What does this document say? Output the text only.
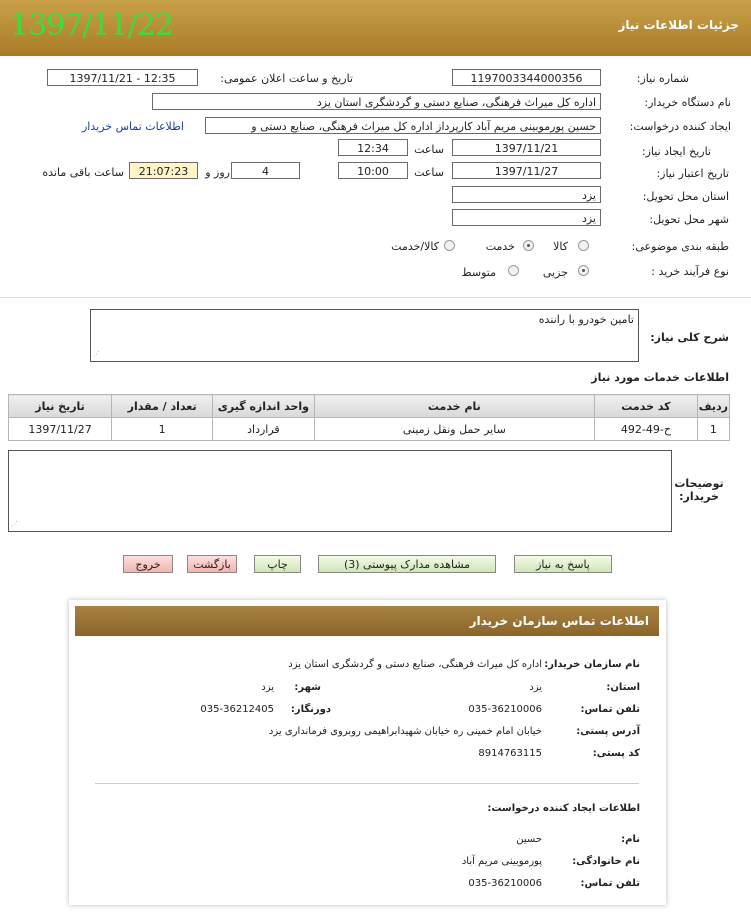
جزئیات اطلاعات نیاز
1397/11/22
شماره نیاز:
1197003344000356
تاریخ و ساعت اعلان عمومی:
1397/11/21 - 12:35
نام دستگاه خریدار:
اداره کل میراث فرهنگی، صنایع دستی و گردشگری استان یزد
ایجاد کننده درخواست:
حسین پورموبینی مریم آباد کارپرداز اداره کل میراث فرهنگی، صنایع دستی و
اطلاعات تماس خریدار
تاریخ ایجاد نیاز:
1397/11/21
ساعت
12:34
تاریخ اعتبار نیاز:
1397/11/27
ساعت
10:00
4
روز و
21:07:23
ساعت باقی مانده
استان محل تحویل:
یزد
شهر محل تحویل:
یزد
طبقه بندی موضوعی:
کالا
خدمت
کالا/خدمت
نوع فرآیند خرید :
جزیی
متوسط
شرح کلی نیاز:
تامین خودرو با راننده
⋰
اطلاعات خدمات مورد نیاز
ردیف	کد خدمت	نام خدمت	واحد اندازه گیری	تعداد / مقدار	تاریخ نیاز
1	ح-49-492	سایر حمل ونقل زمینی	قرارداد	1	1397/11/27
توضیحات خریدار:
⋰
پاسخ به نیاز
مشاهده مدارک پیوستی (3)
چاپ
بازگشت
خروج
اطلاعات تماس سازمان خریدار
نام سازمان خریدار:
اداره کل میراث فرهنگی، صنایع دستی و گردشگری استان یزد
استان:
یزد
شهر:
یزد
تلفن تماس:
035-36210006
دورنگار:
035-36212405
آدرس پستی:
خیابان امام خمینی ره خیابان شهیدابراهیمی روبروی فرمانداری یزد
کد پستی:
8914763115
اطلاعات ایجاد کننده درخواست:
نام:
حسین
نام خانوادگی:
پورموبینی مریم آباد
تلفن تماس:
035-36210006
